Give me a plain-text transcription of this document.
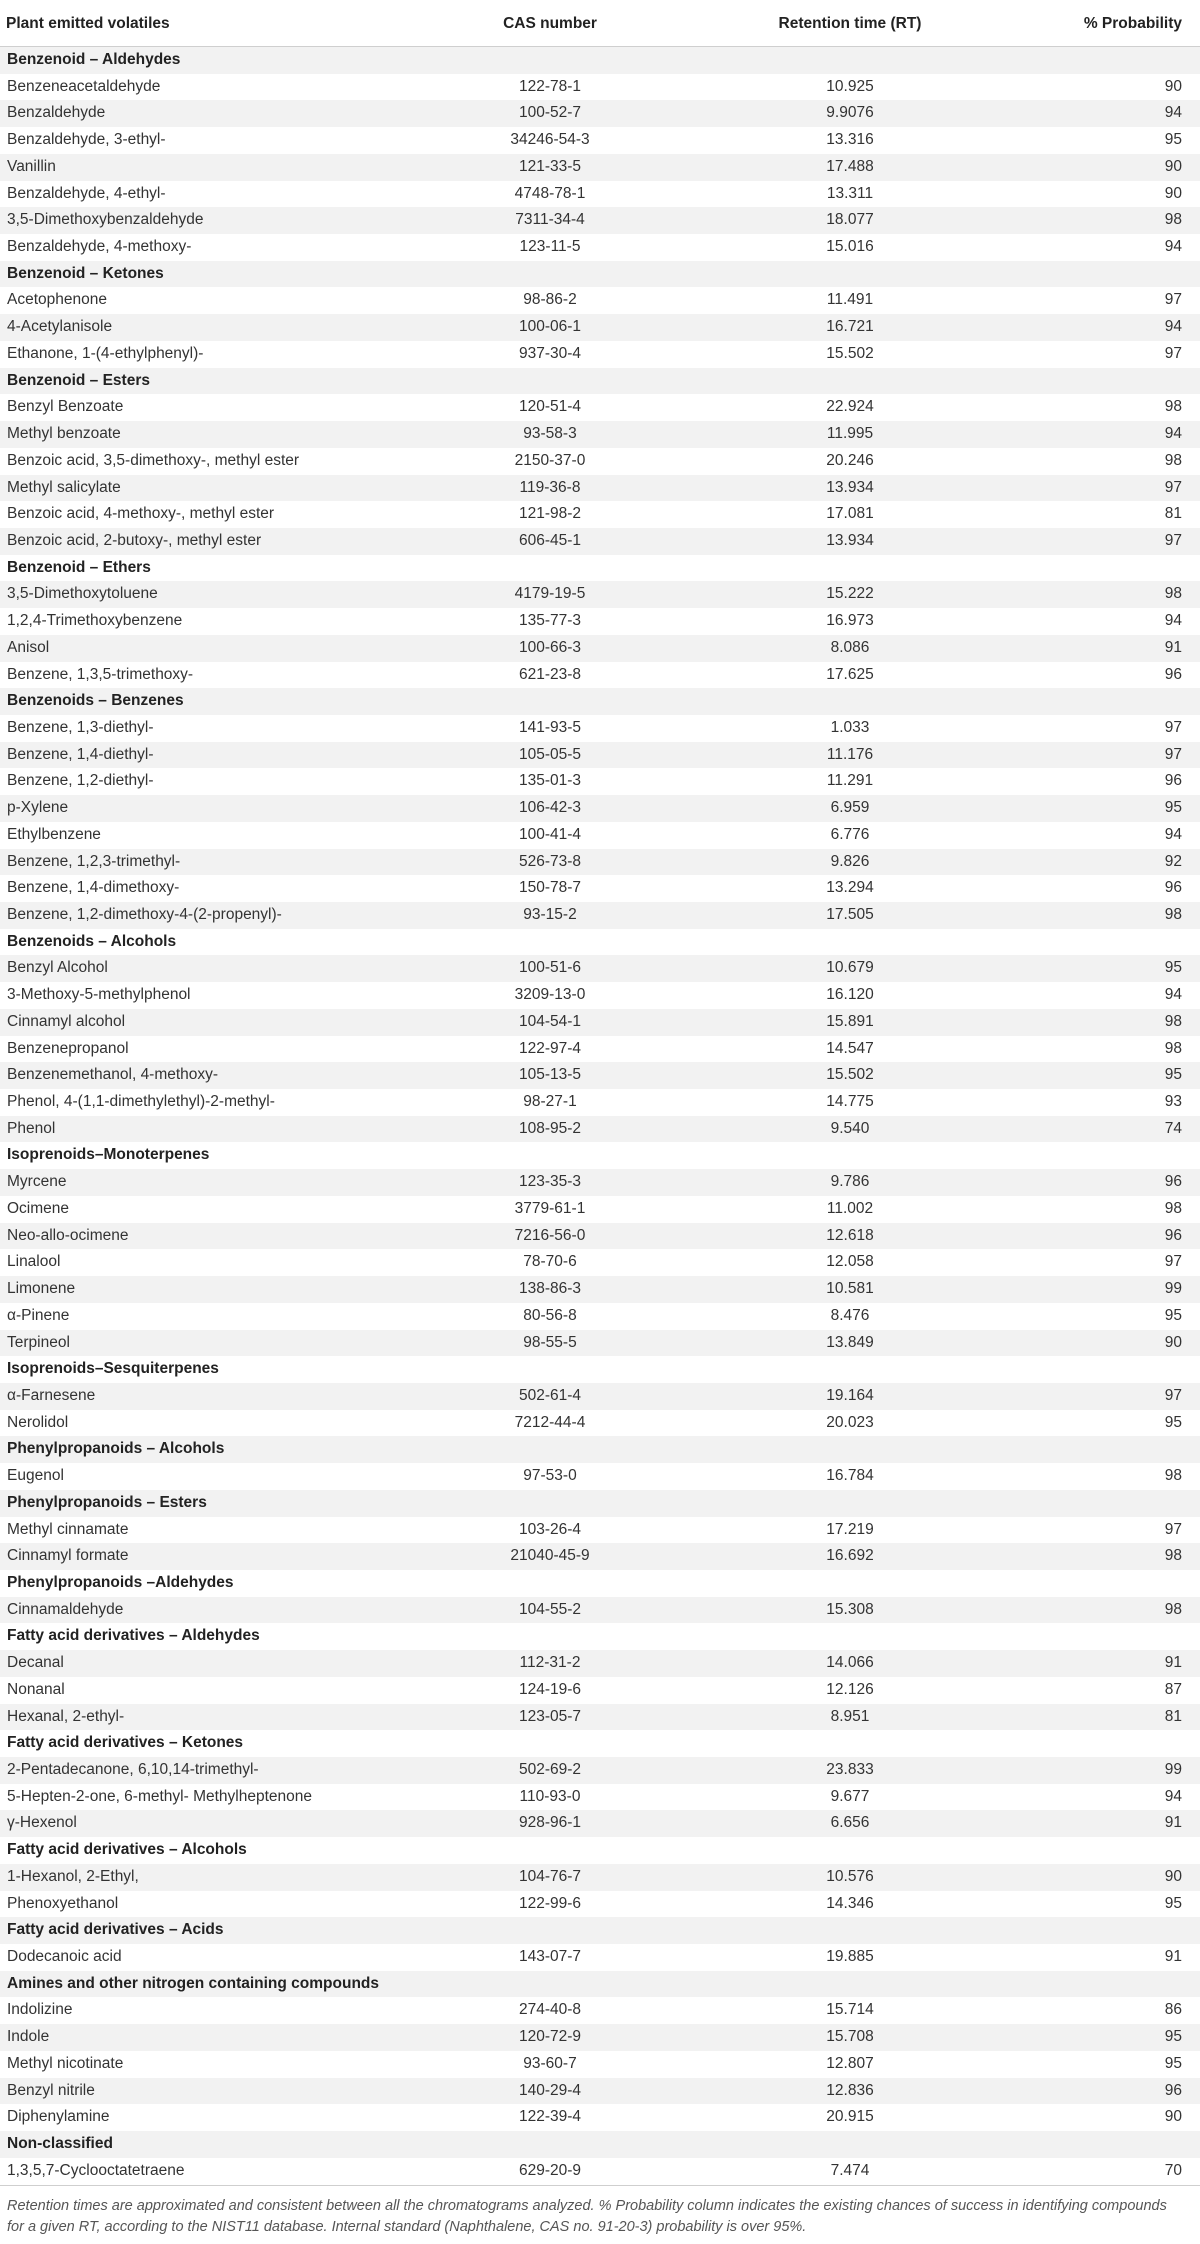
Plant emitted volatiles	CAS number	Retention time (RT)	% Probability
Benzenoid – Aldehydes
Benzeneacetaldehyde	122-78-1	10.925	90
Benzaldehyde	100-52-7	9.9076	94
Benzaldehyde, 3-ethyl-	34246-54-3	13.316	95
Vanillin	121-33-5	17.488	90
Benzaldehyde, 4-ethyl-	4748-78-1	13.311	90
3,5-Dimethoxybenzaldehyde	7311-34-4	18.077	98
Benzaldehyde, 4-methoxy-	123-11-5	15.016	94
Benzenoid – Ketones
Acetophenone	98-86-2	11.491	97
4-Acetylanisole	100-06-1	16.721	94
Ethanone, 1-(4-ethylphenyl)-	937-30-4	15.502	97
Benzenoid – Esters
Benzyl Benzoate	120-51-4	22.924	98
Methyl benzoate	93-58-3	11.995	94
Benzoic acid, 3,5-dimethoxy-, methyl ester	2150-37-0	20.246	98
Methyl salicylate	119-36-8	13.934	97
Benzoic acid, 4-methoxy-, methyl ester	121-98-2	17.081	81
Benzoic acid, 2-butoxy-, methyl ester	606-45-1	13.934	97
Benzenoid – Ethers
3,5-Dimethoxytoluene	4179-19-5	15.222	98
1,2,4-Trimethoxybenzene	135-77-3	16.973	94
Anisol	100-66-3	8.086	91
Benzene, 1,3,5-trimethoxy-	621-23-8	17.625	96
Benzenoids – Benzenes
Benzene, 1,3-diethyl-	141-93-5	1.033	97
Benzene, 1,4-diethyl-	105-05-5	11.176	97
Benzene, 1,2-diethyl-	135-01-3	11.291	96
p-Xylene	106-42-3	6.959	95
Ethylbenzene	100-41-4	6.776	94
Benzene, 1,2,3-trimethyl-	526-73-8	9.826	92
Benzene, 1,4-dimethoxy-	150-78-7	13.294	96
Benzene, 1,2-dimethoxy-4-(2-propenyl)-	93-15-2	17.505	98
Benzenoids – Alcohols
Benzyl Alcohol	100-51-6	10.679	95
3-Methoxy-5-methylphenol	3209-13-0	16.120	94
Cinnamyl alcohol	104-54-1	15.891	98
Benzenepropanol	122-97-4	14.547	98
Benzenemethanol, 4-methoxy-	105-13-5	15.502	95
Phenol, 4-(1,1-dimethylethyl)-2-methyl-	98-27-1	14.775	93
Phenol	108-95-2	9.540	74
Isoprenoids–Monoterpenes
Myrcene	123-35-3	9.786	96
Ocimene	3779-61-1	11.002	98
Neo-allo-ocimene	7216-56-0	12.618	96
Linalool	78-70-6	12.058	97
Limonene	138-86-3	10.581	99
α-Pinene	80-56-8	8.476	95
Terpineol	98-55-5	13.849	90
Isoprenoids–Sesquiterpenes
α-Farnesene	502-61-4	19.164	97
Nerolidol	7212-44-4	20.023	95
Phenylpropanoids – Alcohols
Eugenol	97-53-0	16.784	98
Phenylpropanoids – Esters
Methyl cinnamate	103-26-4	17.219	97
Cinnamyl formate	21040-45-9	16.692	98
Phenylpropanoids –Aldehydes
Cinnamaldehyde	104-55-2	15.308	98
Fatty acid derivatives – Aldehydes
Decanal	112-31-2	14.066	91
Nonanal	124-19-6	12.126	87
Hexanal, 2-ethyl-	123-05-7	8.951	81
Fatty acid derivatives – Ketones
2-Pentadecanone, 6,10,14-trimethyl-	502-69-2	23.833	99
5-Hepten-2-one, 6-methyl- Methylheptenone	110-93-0	9.677	94
γ-Hexenol	928-96-1	6.656	91
Fatty acid derivatives – Alcohols
1-Hexanol, 2-Ethyl,	104-76-7	10.576	90
Phenoxyethanol	122-99-6	14.346	95
Fatty acid derivatives – Acids
Dodecanoic acid	143-07-7	19.885	91
Amines and other nitrogen containing compounds
Indolizine	274-40-8	15.714	86
Indole	120-72-9	15.708	95
Methyl nicotinate	93-60-7	12.807	95
Benzyl nitrile	140-29-4	12.836	96
Diphenylamine	122-39-4	20.915	90
Non-classified
1,3,5,7-Cyclooctatetraene	629-20-9	7.474	70
Retention times are approximated and consistent between all the chromatograms analyzed. % Probability column indicates the existing chances of success in identifying compounds for a given RT, according to the NIST11 database. Internal standard (Naphthalene, CAS no. 91-20-3) probability is over 95%.
